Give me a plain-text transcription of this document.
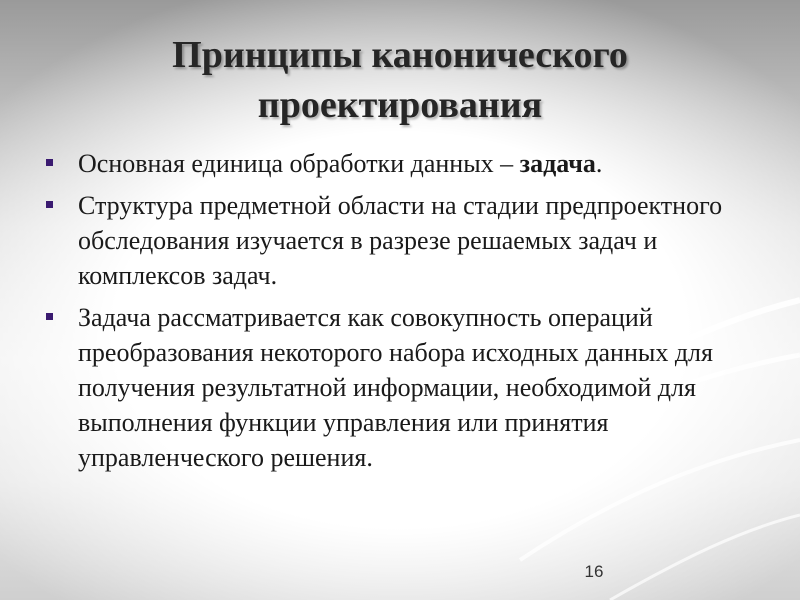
Принципы канонического
проектирования
Основная единица обработки данных – задача.
Структура предметной области на стадии предпроектного обследования изучается в разрезе решаемых задач и комплексов задач.
Задача рассматривается как совокупность операций преобразования некоторого набора исходных данных для получения результатной информации, необходимой для выполнения функции управления или принятия управленческого решения.
16
